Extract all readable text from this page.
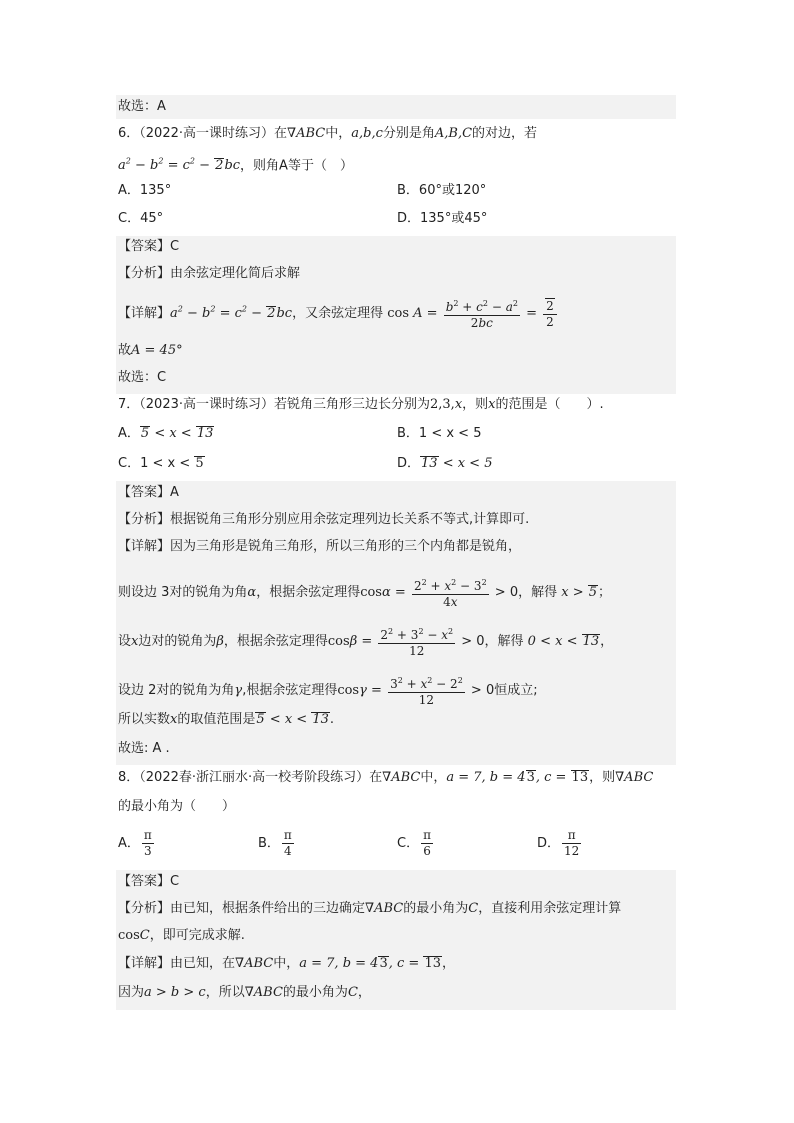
故选：A
6．（2022·高一课时练习）在∇ABC中，a,b,c分别是角A,B,C的对边，若
$a^2 - b^2 = c^2 - 2bc$，则角A等于（　）
A．135°	B．60°或120°
C．45°	D．135°或45°
【答案】C
【分析】由余弦定理化简后求解
【详解】$a^2 - b^2 = c^2 - 2bc$，又余弦定理得 $\cos A = \frac{b^2 + c^2 - a^2}{2bc} = \frac{2}{2}$
故A = 45°
故选：C
7．（2023·高一课时练习）若锐角三角形三边长分别为2,3,x，则x的范围是（　　）.
A．5 < x < 13	B．1 < x < 5
C．1 < x < 5	D．13 < x < 5
【答案】A
【分析】根据锐角三角形分别应用余弦定理列边长关系不等式,计算即可.
【详解】因为三角形是锐角三角形，所以三角形的三个内角都是锐角，
则设边 3对的锐角为角α，根据余弦定理得$\cos\alpha = \frac{2^2 + x^2 - 3^2}{4x} > 0$，解得 x > 5；
设x边对的锐角为β，根据余弦定理得$\cos\beta = \frac{2^2 + 3^2 - x^2}{12} > 0$，解得 0 < x < 13，
设边 2对的锐角为角γ,根据余弦定理得$\cos\gamma = \frac{3^2 + x^2 - 2^2}{12} > 0$恒成立;
所以实数x的取值范围是5 < x < 13.
故选: A .
8．（2022春·浙江丽水·高一校考阶段练习）在∇ABC中，a = 7, b = 43, c = 13，则∇ABC
的最小角为（　　）
A． $\frac{\pi}{3}$	B． $\frac{\pi}{4}$	C． $\frac{\pi}{6}$	D． $\frac{\pi}{12}$
【答案】C
【分析】由已知，根据条件给出的三边确定∇ABC的最小角为C，直接利用余弦定理计算
cosC，即可完成求解.
【详解】由已知，在∇ABC中，a = 7, b = 43, c = 13，
因为a > b > c，所以∇ABC的最小角为C，
